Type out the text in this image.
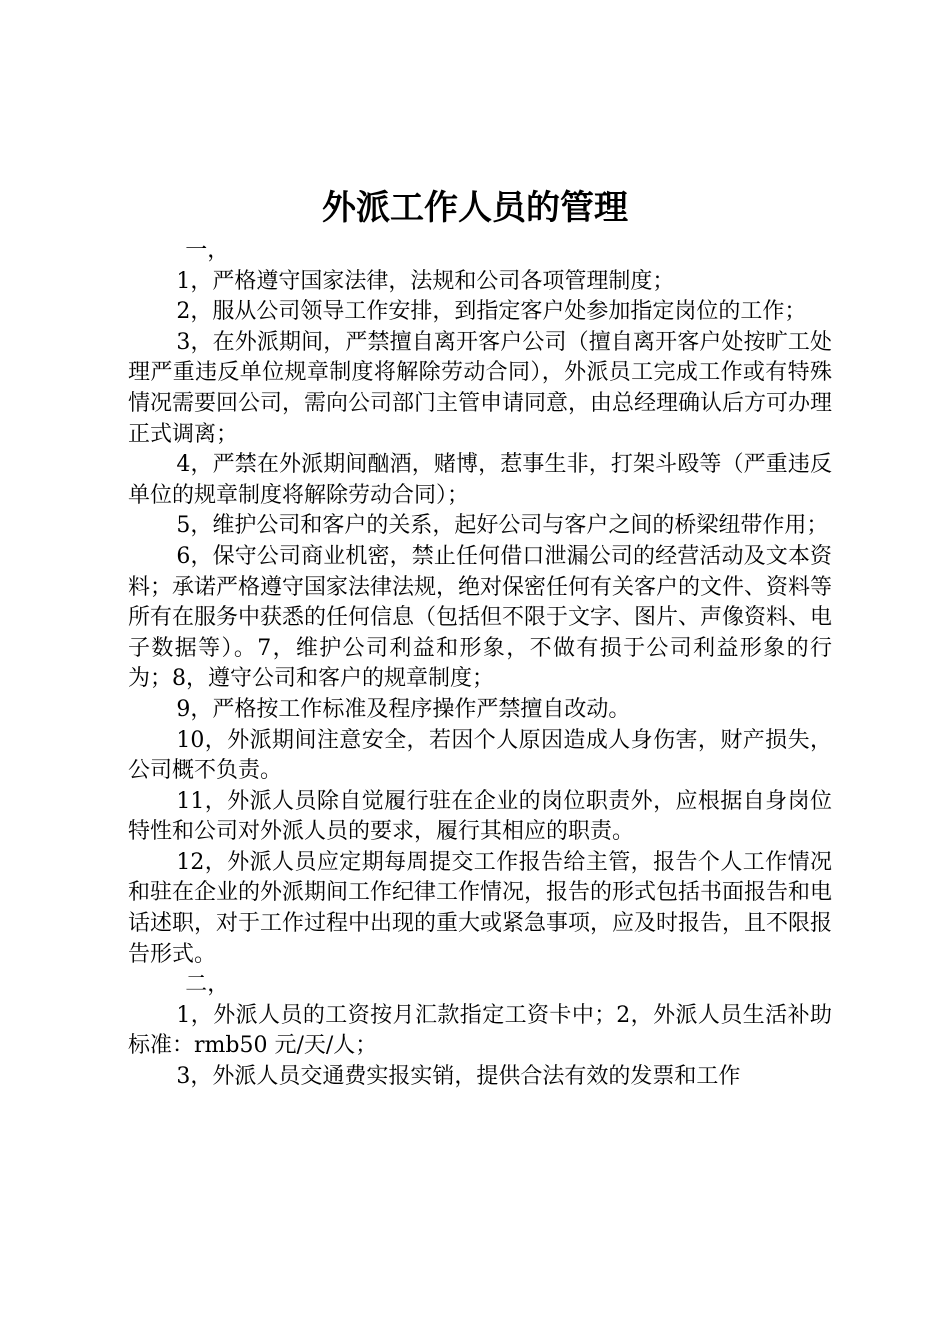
外派工作人员的管理

一，

1，严格遵守国家法律，法规和公司各项管理制度；

2，服从公司领导工作安排，到指定客户处参加指定岗位的工作；

3，在外派期间，严禁擅自离开客户公司（擅自离开客户处按旷工处理严重违反单位规章制度将解除劳动合同），外派员工完成工作或有特殊情况需要回公司，需向公司部门主管申请同意，由总经理确认后方可办理正式调离；

4，严禁在外派期间酗酒，赌博，惹事生非，打架斗殴等（严重违反单位的规章制度将解除劳动合同）；

5，维护公司和客户的关系，起好公司与客户之间的桥梁纽带作用；

6，保守公司商业机密，禁止任何借口泄漏公司的经营活动及文本资料；承诺严格遵守国家法律法规，绝对保密任何有关客户的文件、资料等所有在服务中获悉的任何信息（包括但不限于文字、图片、声像资料、电子数据等）。7，维护公司利益和形象，不做有损于公司利益形象的行为；8，遵守公司和客户的规章制度；

9，严格按工作标准及程序操作严禁擅自改动。

10，外派期间注意安全，若因个人原因造成人身伤害，财产损失，公司概不负责。

11，外派人员除自觉履行驻在企业的岗位职责外，应根据自身岗位特性和公司对外派人员的要求，履行其相应的职责。

12，外派人员应定期每周提交工作报告给主管，报告个人工作情况和驻在企业的外派期间工作纪律工作情况，报告的形式包括书面报告和电话述职，对于工作过程中出现的重大或紧急事项，应及时报告，且不限报告形式。

二，

1，外派人员的工资按月汇款指定工资卡中；2，外派人员生活补助标准：rmb50 元/天/人；

3，外派人员交通费实报实销，提供合法有效的发票和工作
